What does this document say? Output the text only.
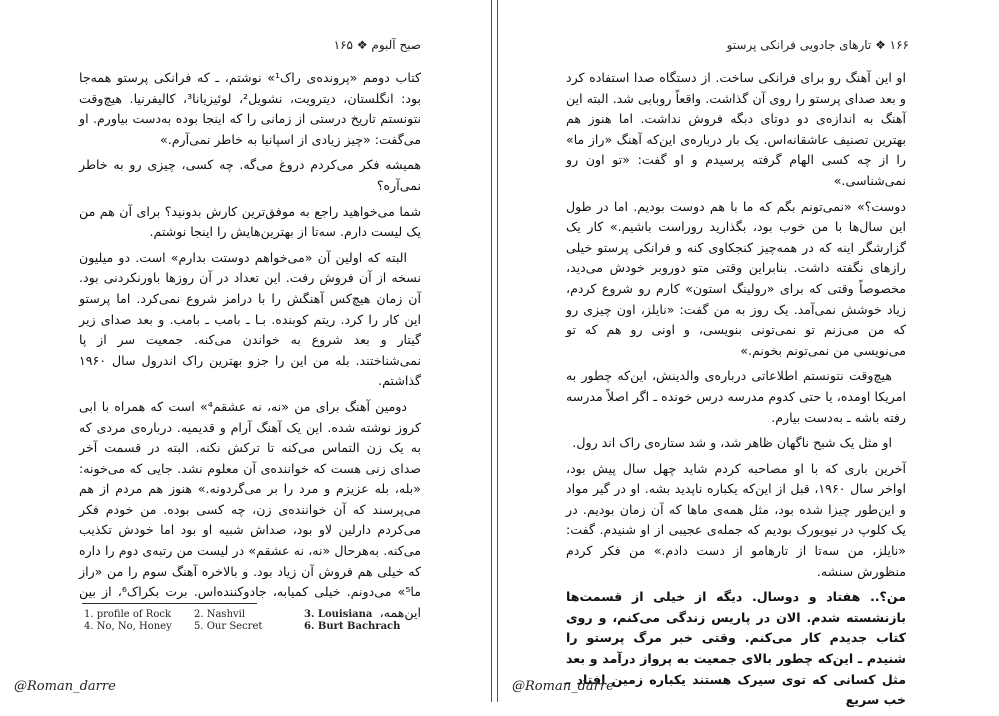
صبح آلبوم ❖ ۱۶۵

کتاب دومم «پرونده‌ی راک¹» نوشتم، ـ که فرانکی پرستو همه‌جا بود: انگلستان، دیترویت، نشویل²، لوئیزیانا³، کالیفرنیا. هیچ‌وقت نتونستم تاریخ درستی از زمانی را که اینجا بوده به‌دست بیاورم. او می‌گفت: «چیز زیادی از اسپانیا به خاطر نمی‌آرم.»

همیشه فکر می‌کردم دروغ می‌گه. چه کسی، چیزی رو به خاطر نمی‌آره؟

شما می‌خواهید راجع به موفق‌ترین کارش بدونید؟ برای آن هم من یک لیست دارم. سه‌تا از بهترین‌هایش را اینجا نوشتم.

البته که اولین آن «می‌خواهم دوستت بدارم» است. دو میلیون نسخه از آن فروش رفت. این تعداد در آن روزها باورنکردنی بود. آن زمان هیچ‌کس آهنگش را با درامز شروع نمی‌کرد. اما پرستو این کار را کرد. ریتم کوبنده. بـا ـ بامب ـ بامب. و بعد صدای زیر گیتار و بعد شروع به خواندن می‌کنه. جمعیت سر از پا نمی‌شناختند. بله من این را جزو بهترین راک اندرول سال ۱۹۶۰ گذاشتم.

دومین آهنگ برای من «نه، نه عشقم⁴» است که همراه با ابی کروز نوشته شده. این یک آهنگ آرام و قدیمیه. درباره‌ی مردی که به یک زن التماس می‌کنه تا ترکش نکنه. البته در قسمت آخر صدای زنی هست که خواننده‌ی آن معلوم نشد. جایی که می‌خونه: «بله، بله عزیزم و مرد را بر می‌گردونه.» هنوز هم مردم از هم می‌پرسند که آن خواننده‌ی زن، چه کسی بوده. من خودم فکر می‌کردم دارلین لاو بود، صداش شبیه او بود اما خودش تکذیب می‌کنه. به‌هرحال «نه، نه عشقم» در لیست من رتبه‌ی دوم را داره که خیلی هم فروش آن زیاد بود. و بالاخره آهنگ سوم را من «راز ما⁵» می‌دونم. خیلی کمیابه، جادوکننده‌اس. برت بکراک⁶، از بین این‌همه،

1. profile of Rock	2. Nashvil	3. Louisiana
4. No, No, Honey	5. Our Secret	6. Burt Bachrach
@Roman_darre
۱۶۶ ❖ تارهای جادویی فرانکی پرستو

او این آهنگ رو برای فرانکی ساخت. از دستگاه صدا استفاده کرد و بعد صدای پرستو را روی آن گذاشت. واقعاً روبابی شد. البته این آهنگ به اندازه‌ی دو دوتای دبگه فروش نداشت. اما هنوز هم بهترین تصنیف عاشقانه‌اس. یک بار درباره‌ی این‌که آهنگ «راز ما» را از چه کسی الهام گرفته پرسیدم و او گفت: «تو اون رو نمی‌شناسی.»

دوست؟» «نمی‌تونم بگم که ما با هم دوست بودیم. اما در طول این سال‌ها با من خوب بود، بگذارید رو‌راست باشیم.» کار یک گزارشگر اینه که در همه‌چیز کنجکاوی کنه و فرانکی پرستو خیلی رازهای نگفته داشت. بنابراین وقتی متو دوروبر خودش می‌دید، مخصوصاً وقتی که برای «رولینگ استون» کارم رو شروع کردم، زیاد خوشش نمی‌آمد. یک روز به من گفت: «نایلز، اون چیزی رو که من می‌زنم تو نمی‌تونی بنویسی، و اونی رو هم که تو می‌نویسی من نمی‌تونم بخونم.»

هیچ‌وقت نتونستم اطلاعاتی درباره‌ی والدینش، این‌که چطور به امریکا اومده، یا حتی کدوم مدرسه درس خونده ـ اگر اصلاً مدرسه رفته باشه ـ به‌دست بیارم.

او مثل یک شبح ناگهان ظاهر شد، و شد ستاره‌ی راک اند رول.

آخرین باری که با او مصاحبه کردم شاید چهل سال پیش بود، اواخر سال ۱۹۶۰، قبل از این‌که یکباره ناپدید بشه. او در گیر مواد و این‌طور چیزا شده بود، مثل همه‌ی ما‌ها که آن زمان بودیم. در یک کلوپ در نیویورک بودیم که جمله‌ی عجیبی از او شنیدم. گفت: «نایلز، من سه‌تا از تارهامو از دست دادم.» من فکر کردم منظورش سنشه.

من؟.. هفتاد و دوسال. دیگه از خیلی از قسمت‌ها بازنشسته شدم. الان در پاریس زندگی می‌کنم، و روی کتاب جدیدم کار می‌کنم. وقتی خبر مرگ پرستو را شنیدم ـ این‌که چطور بالای جمعیت به پرواز درآمد و بعد مثل کسانی که توی سیرک هستند یکباره زمین افتاد ـ خب سریع

@Roman_darre
